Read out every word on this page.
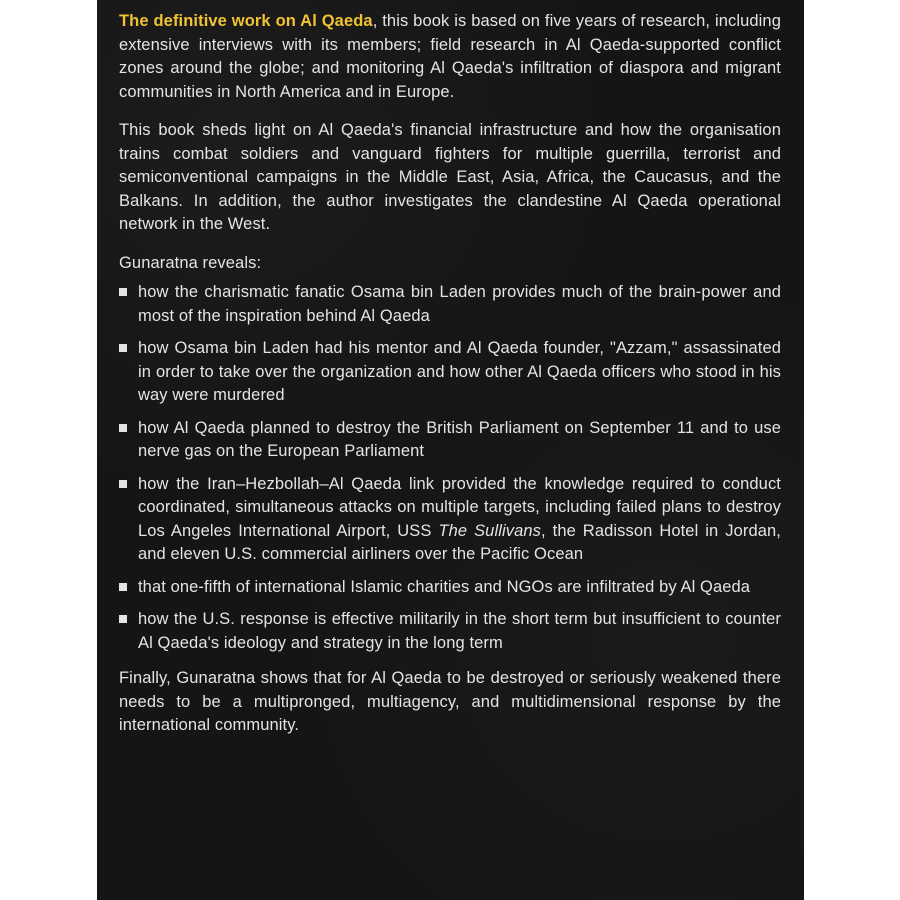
The definitive work on Al Qaeda, this book is based on five years of research, including extensive interviews with its members; field research in Al Qaeda-supported conflict zones around the globe; and monitoring Al Qaeda's infiltration of diaspora and migrant communities in North America and in Europe.

This book sheds light on Al Qaeda's financial infrastructure and how the organisation trains combat soldiers and vanguard fighters for multiple guerrilla, terrorist and semiconventional campaigns in the Middle East, Asia, Africa, the Caucasus, and the Balkans. In addition, the author investigates the clandestine Al Qaeda operational network in the West.

Gunaratna reveals:

how the charismatic fanatic Osama bin Laden provides much of the brain-power and most of the inspiration behind Al Qaeda
how Osama bin Laden had his mentor and Al Qaeda founder, "Azzam," assassinated in order to take over the organization and how other Al Qaeda officers who stood in his way were murdered
how Al Qaeda planned to destroy the British Parliament on September 11 and to use nerve gas on the European Parliament
how the Iran–Hezbollah–Al Qaeda link provided the knowledge required to conduct coordinated, simultaneous attacks on multiple targets, including failed plans to destroy Los Angeles International Airport, USS The Sullivans, the Radisson Hotel in Jordan, and eleven U.S. commercial airliners over the Pacific Ocean
that one-fifth of international Islamic charities and NGOs are infiltrated by Al Qaeda
how the U.S. response is effective militarily in the short term but insufficient to counter Al Qaeda's ideology and strategy in the long term

Finally, Gunaratna shows that for Al Qaeda to be destroyed or seriously weakened there needs to be a multipronged, multiagency, and multidimensional response by the international community.
